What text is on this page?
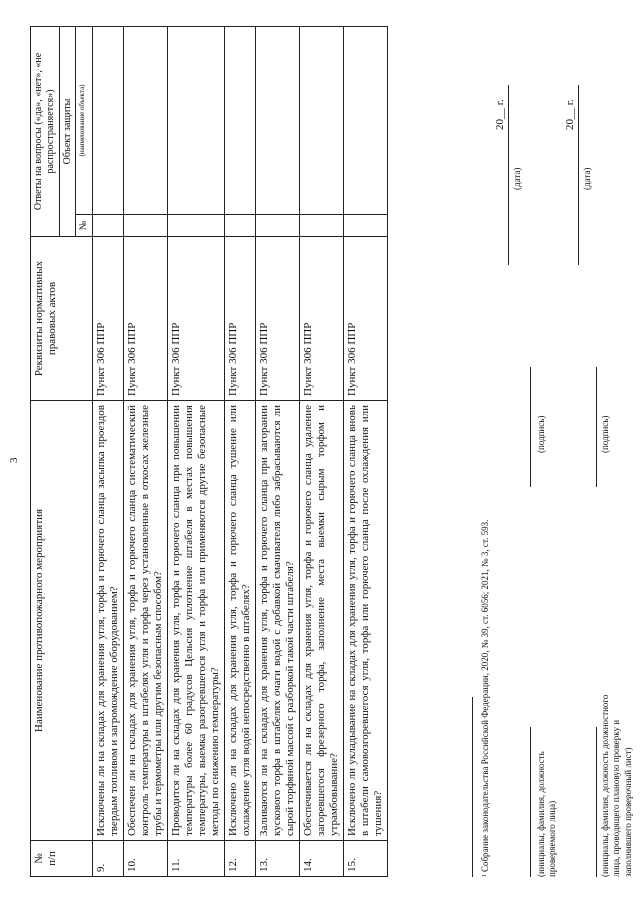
3
№
п/п	Наименование противопожарного мероприятия	Реквизиты нормативных правовых актов	Ответы на вопросы («да», «нет», «не распространяется»)	
			Объект защиты	
			№	(наименование объекта)
9.	Исключены ли на складах для хранения угля, торфа и горючего сланца засыпка проездов твердым топливом и загромождение оборудованием?	Пункт 306 ППР		
10.	Обеспечен ли на складах для хранения угля, торфа и горючего сланца систематический контроль температуры в штабелях угля и торфа через установленные в откосах железные трубы и термометры или другим безопасным способом?	Пункт 306 ППР		
11.	Проводится ли на складах для хранения угля, торфа и горючего сланца при повышении температуры более 60 градусов Цельсия уплотнение штабеля в местах повышения температуры, выемка разогревшегося угля и торфа или применяются другие безопасные методы по снижению температуры?	Пункт 306 ППР		
12.	Исключено ли на складах для хранения угля, торфа и горючего сланца тушение или охлаждение угля водой непосредственно в штабелях?	Пункт 306 ППР		
13.	Заливаются ли на складах для хранения угля, торфа и горючего сланца при загорании кускового торфа в штабелях очаги водой с добавкой смачивателя либо забрасываются ли сырой торфяной массой с разборкой такой части штабеля?	Пункт 306 ППР		
14.	Обеспечивается ли на складах для хранения угля, торфа и горючего сланца удаление загоревшегося фрезерного торфа, заполнение места выемки сырым торфом и утрамбовывание?	Пункт 306 ППР		
15.	Исключено ли укладывание на складах для хранения угля, торфа и горючего сланца вновь в штабели самовозгоревшегося угля, торфа или горючего сланца после охлаждения или тушения?	Пункт 306 ППР		
¹ Собрание законодательства Российской Федерации, 2020, № 39, ст. 6056; 2021, № 3, ст. 593.	(инициалы, фамилия, должность проверяемого лица)
(подпись)
20__ г.
(дата)
(инициалы, фамилия, должность должностного лица, проводящего плановую проверку и заполнившего проверочный лист)
(подпись)
20__ г.
(дата)
